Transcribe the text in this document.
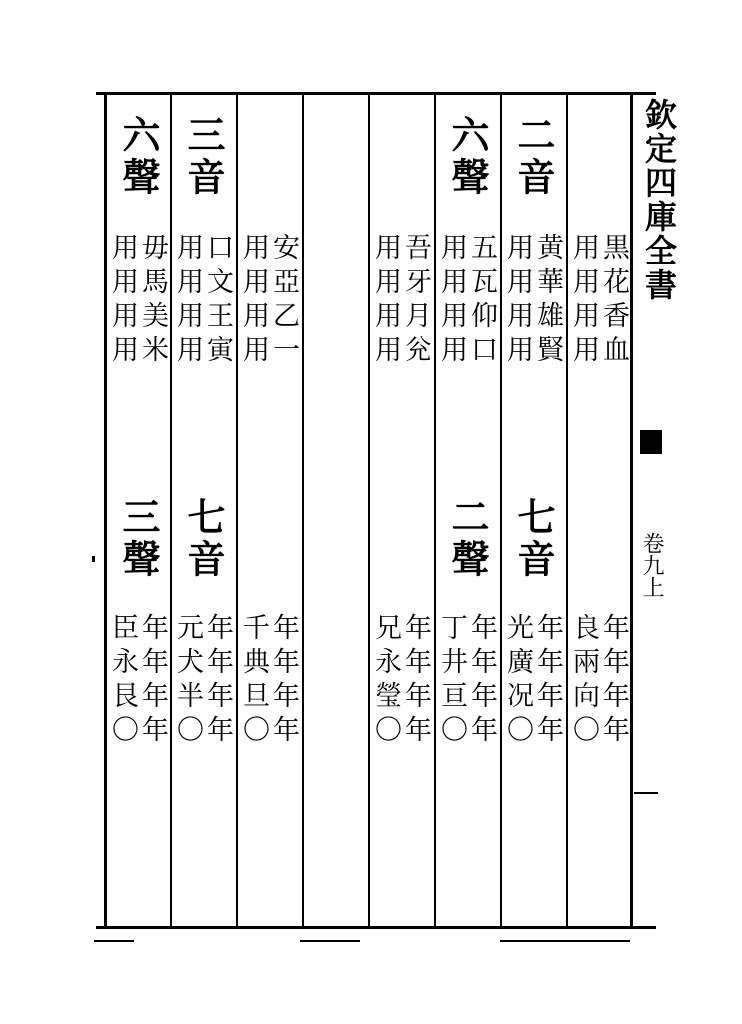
六聲
毋馬美米
用用用用
三聲
年年年年
臣永艮〇
三音
口文王寅
用用用用
七音
年年年年
元犬半〇
安亞乙一
用用用用
年年年年
千典旦〇
吾牙月兊
用用用用
年年年年
兄永瑩〇
六聲
五瓦仰口
用用用用
二聲
年年年年
丁井亘〇
二音
黄華雄賢
用用用用
七音
年年年年
光廣况〇
黒花香血
用用用用
年年年年
良兩向〇
欽定四庫全書
卷九上
